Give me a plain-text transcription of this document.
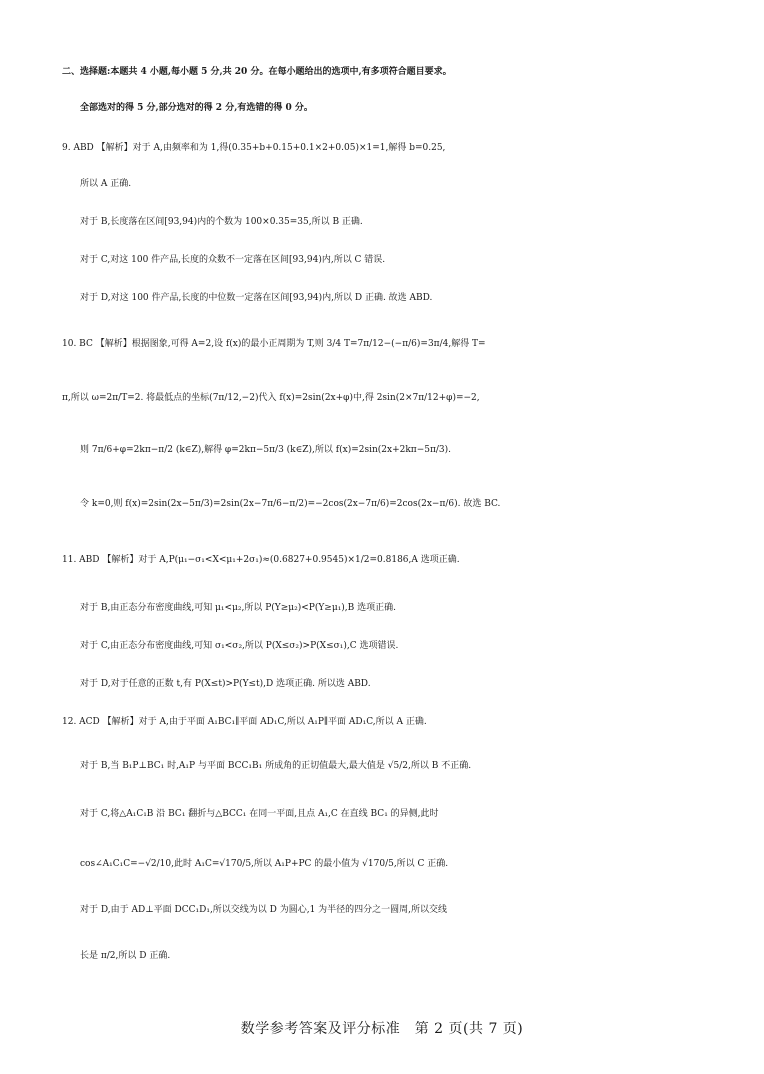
二、选择题:本题共 4 小题,每小题 5 分,共 20 分。在每小题给出的选项中,有多项符合题目要求。
全部选对的得 5 分,部分选对的得 2 分,有选错的得 0 分。
9. ABD 【解析】对于 A,由频率和为 1,得(0.35+b+0.15+0.1×2+0.05)×1=1,解得 b=0.25,
所以 A 正确.
对于 B,长度落在区间[93,94)内的个数为 100×0.35=35,所以 B 正确.
对于 C,对这 100 件产品,长度的众数不一定落在区间[93,94)内,所以 C 错误.
对于 D,对这 100 件产品,长度的中位数一定落在区间[93,94)内,所以 D 正确. 故选 ABD.
10. BC 【解析】根据图象,可得 A=2,设 f(x)的最小正周期为 T,则 3/4 T=7π/12−(−π/6)=3π/4,解得 T=
π,所以 ω=2π/T=2. 将最低点的坐标(7π/12,−2)代入 f(x)=2sin(2x+φ)中,得 2sin(2×7π/12+φ)=−2,
则 7π/6+φ=2kπ−π/2 (k∈Z),解得 φ=2kπ−5π/3 (k∈Z),所以 f(x)=2sin(2x+2kπ−5π/3).
令 k=0,则 f(x)=2sin(2x−5π/3)=2sin(2x−7π/6−π/2)=−2cos(2x−7π/6)=2cos(2x−π/6). 故选 BC.
11. ABD 【解析】对于 A,P(μ₁−σ₁<X<μ₁+2σ₁)≈(0.6827+0.9545)×1/2=0.8186,A 选项正确.
对于 B,由正态分布密度曲线,可知 μ₁<μ₂,所以 P(Y≥μ₂)<P(Y≥μ₁),B 选项正确.
对于 C,由正态分布密度曲线,可知 σ₁<σ₂,所以 P(X≤σ₂)>P(X≤σ₁),C 选项错误.
对于 D,对于任意的正数 t,有 P(X≤t)>P(Y≤t),D 选项正确. 所以选 ABD.
12. ACD 【解析】对于 A,由于平面 A₁BC₁∥平面 AD₁C,所以 A₁P∥平面 AD₁C,所以 A 正确.
对于 B,当 B₁P⊥BC₁ 时,A₁P 与平面 BCC₁B₁ 所成角的正切值最大,最大值是 √5/2,所以 B 不正确.
对于 C,将△A₁C₁B 沿 BC₁ 翻折与△BCC₁ 在同一平面,且点 A₁,C 在直线 BC₁ 的异侧,此时
cos∠A₁C₁C=−√2/10,此时 A₁C=√170/5,所以 A₁P+PC 的最小值为 √170/5,所以 C 正确.
对于 D,由于 AD⊥平面 DCC₁D₁,所以交线为以 D 为圆心,1 为半径的四分之一圆周,所以交线
长是 π/2,所以 D 正确.
数学参考答案及评分标准　第 2 页(共 7 页)
